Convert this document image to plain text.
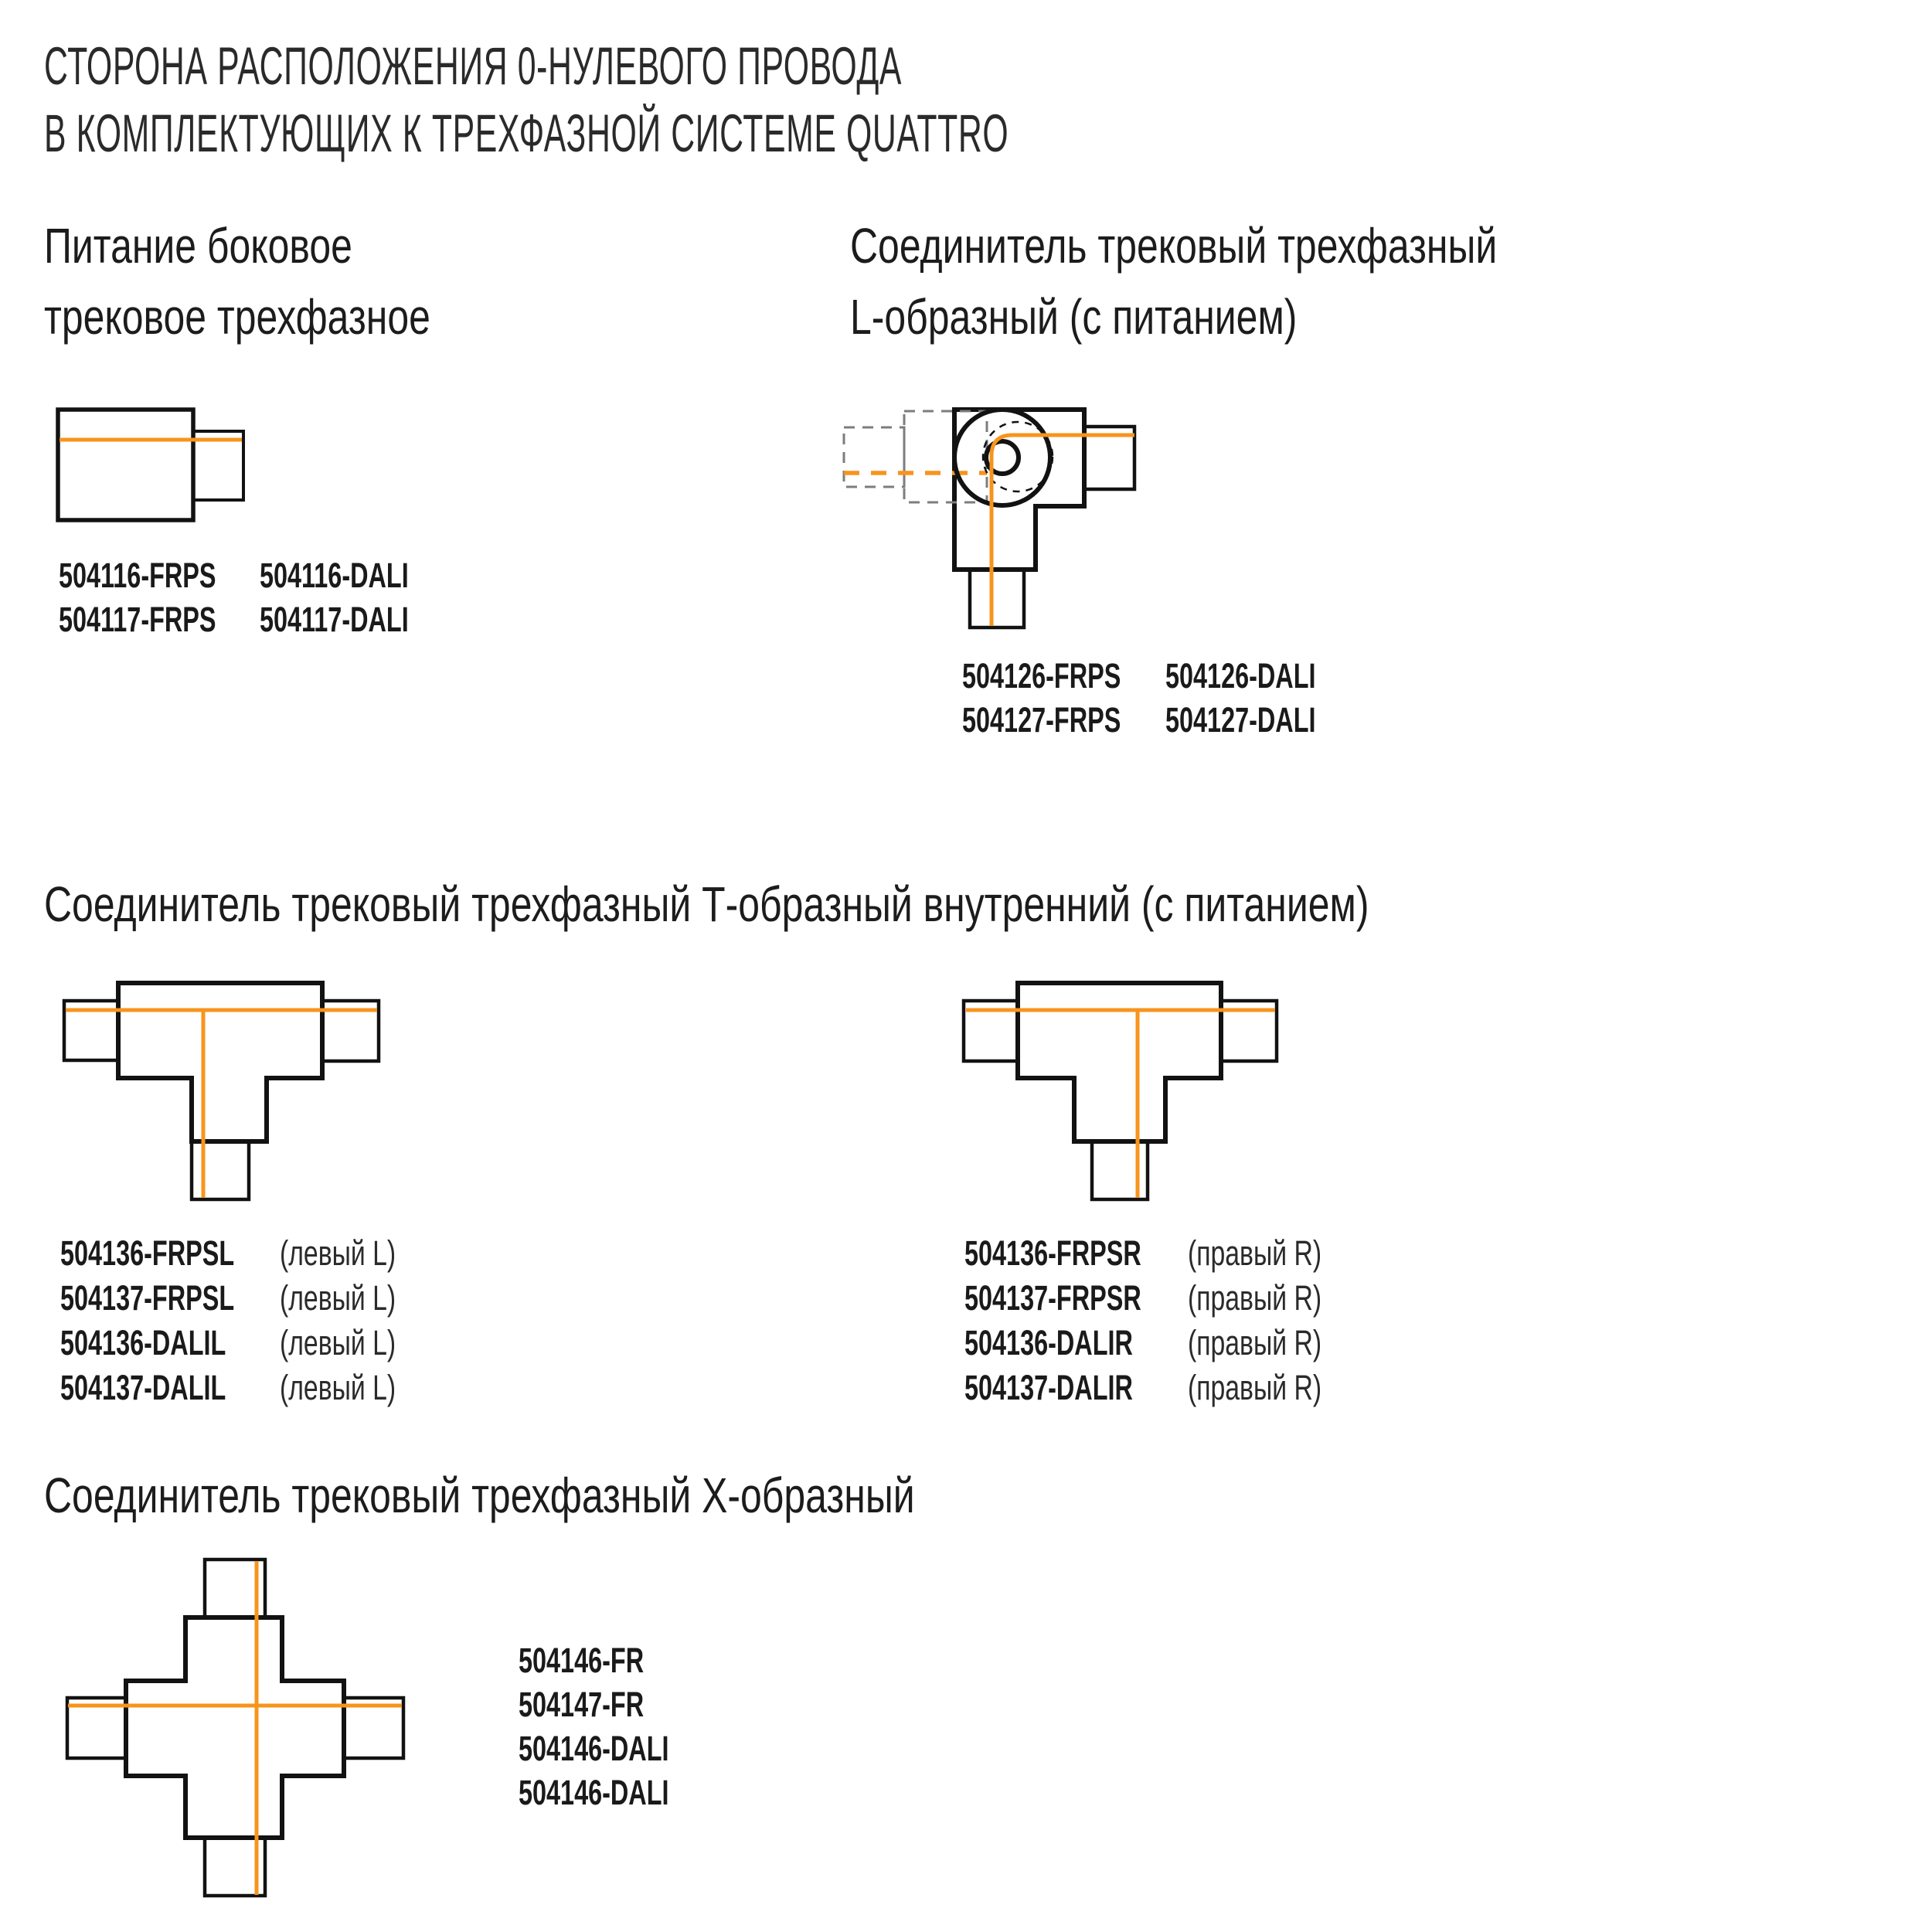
СТОРОНА РАСПОЛОЖЕНИЯ 0-НУЛЕВОГО ПРОВОДА
В КОМПЛЕКТУЮЩИХ К ТРЕХФАЗНОЙ СИСТЕМЕ QUATTRO
Питание боковое
трековое трехфазное
Соединитель трековый трехфазный
L-образный (с питанием)
504116-FRPS
504117-FRPS
504116-DALI
504117-DALI
504126-FRPS
504127-FRPS
504126-DALI
504127-DALI
Соединитель трековый трехфазный Т-образный внутренний (с питанием)
504136-FRPSL
504137-FRPSL
504136-DALIL
504137-DALIL
(левый L)
(левый L)
(левый L)
(левый L)
504136-FRPSR
504137-FRPSR
504136-DALIR
504137-DALIR
(правый R)
(правый R)
(правый R)
(правый R)
Соединитель трековый трехфазный Х-образный
504146-FR
504147-FR
504146-DALI
504146-DALI
